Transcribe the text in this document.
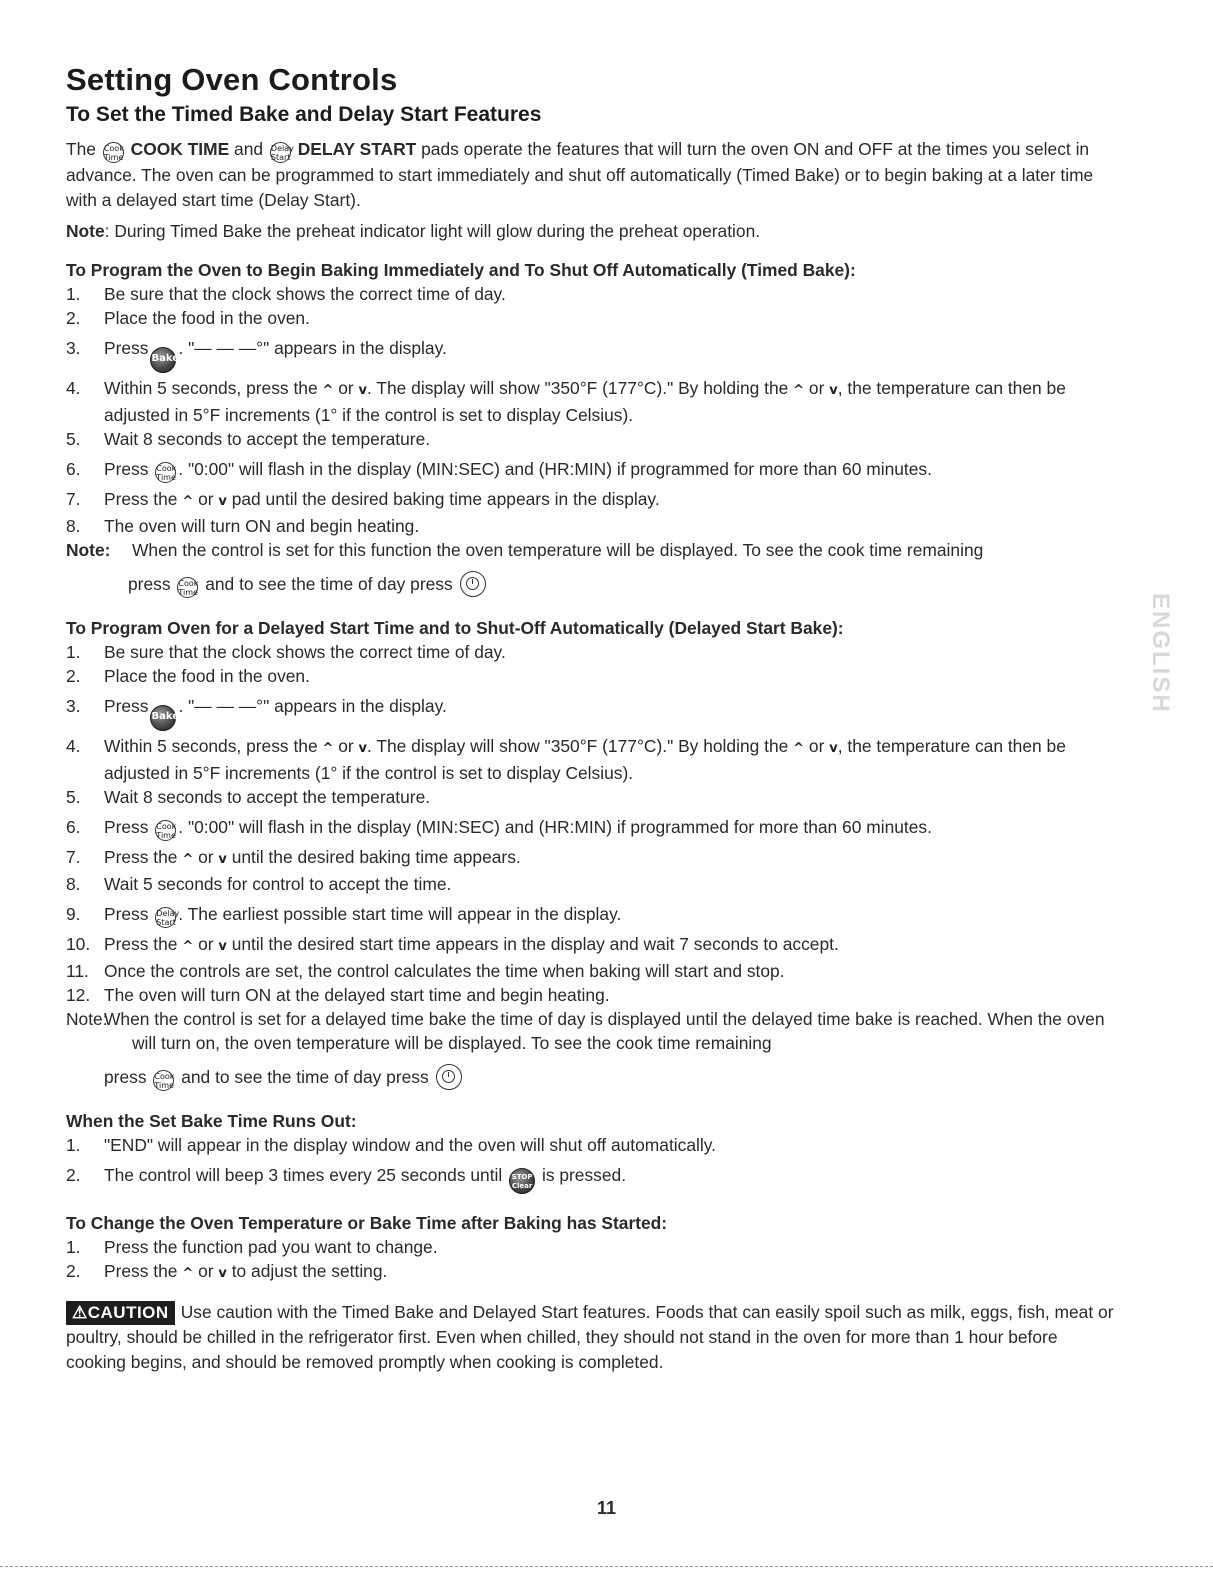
Setting Oven Controls
To Set the Timed Bake and Delay Start Features

The Cook
Time COOK TIME and Delay
Start DELAY START pads operate the features that will turn the oven ON and OFF at the times you select in advance. The oven can be programmed to start immediately and shut off automatically (Timed Bake) or to begin baking at a later time with a delayed start time (Delay Start).

Note: During Timed Bake the preheat indicator light will glow during the preheat operation.

To Program the Oven to Begin Baking Immediately and To Shut Off Automatically (Timed Bake):

1. Be sure that the clock shows the correct time of day.

2. Place the food in the oven.

3. PressBake. "— — —°" appears in the display.

4. Within 5 seconds, press the ^ or v. The display will show "350°F (177°C)." By holding the ^ or v, the temperature can then be adjusted in 5°F increments (1° if the control is set to display Celsius).

5. Wait 8 seconds to accept the temperature.

6. Press Cook
Time . "0:00" will flash in the display (MIN:SEC) and (HR:MIN) if programmed for more than 60 minutes.

7. Press the ^ or v pad until the desired baking time appears in the display.

8. The oven will turn ON and begin heating.

Note: When the control is set for this function the oven temperature will be displayed. To see the cook time remaining

press Cook
Time and to see the time of day press

To Program Oven for a Delayed Start Time and to Shut-Off Automatically (Delayed Start Bake):

1. Be sure that the clock shows the correct time of day.

2. Place the food in the oven.

3. PressBake. "— — —°" appears in the display.

4. Within 5 seconds, press the ^ or v. The display will show "350°F (177°C)." By holding the ^ or v, the temperature can then be adjusted in 5°F increments (1° if the control is set to display Celsius).

5. Wait 8 seconds to accept the temperature.

6. Press Cook
Time . "0:00" will flash in the display (MIN:SEC) and (HR:MIN) if programmed for more than 60 minutes.

7. Press the ^ or v until the desired baking time appears.

8. Wait 5 seconds for control to accept the time.

9. Press Delay
Start . The earliest possible start time will appear in the display.

10. Press the ^ or v until the desired start time appears in the display and wait 7 seconds to accept.

11. Once the controls are set, the control calculates the time when baking will start and stop.

12. The oven will turn ON at the delayed start time and begin heating.

Note:
When the control is set for a delayed time bake the time of day is displayed until the delayed time bake is reached. When the oven will turn on, the oven temperature will be displayed. To see the cook time remaining

press Cook
Time and to see the time of day press

When the Set Bake Time Runs Out:

1. "END" will appear in the display window and the oven will shut off automatically.

2. The control will beep 3 times every 25 seconds until STOP
Clear
is pressed.

To Change the Oven Temperature or Bake Time after Baking has Started:

1. Press the function pad you want to change.

2. Press the ^ or v to adjust the setting.

⚠CAUTION Use caution with the Timed Bake and Delayed Start features. Foods that can easily spoil such as milk, eggs, fish, meat or poultry, should be chilled in the refrigerator first. Even when chilled, they should not stand in the oven for more than 1 hour before cooking begins, and should be removed promptly when cooking is completed.

ENGLISH
11
